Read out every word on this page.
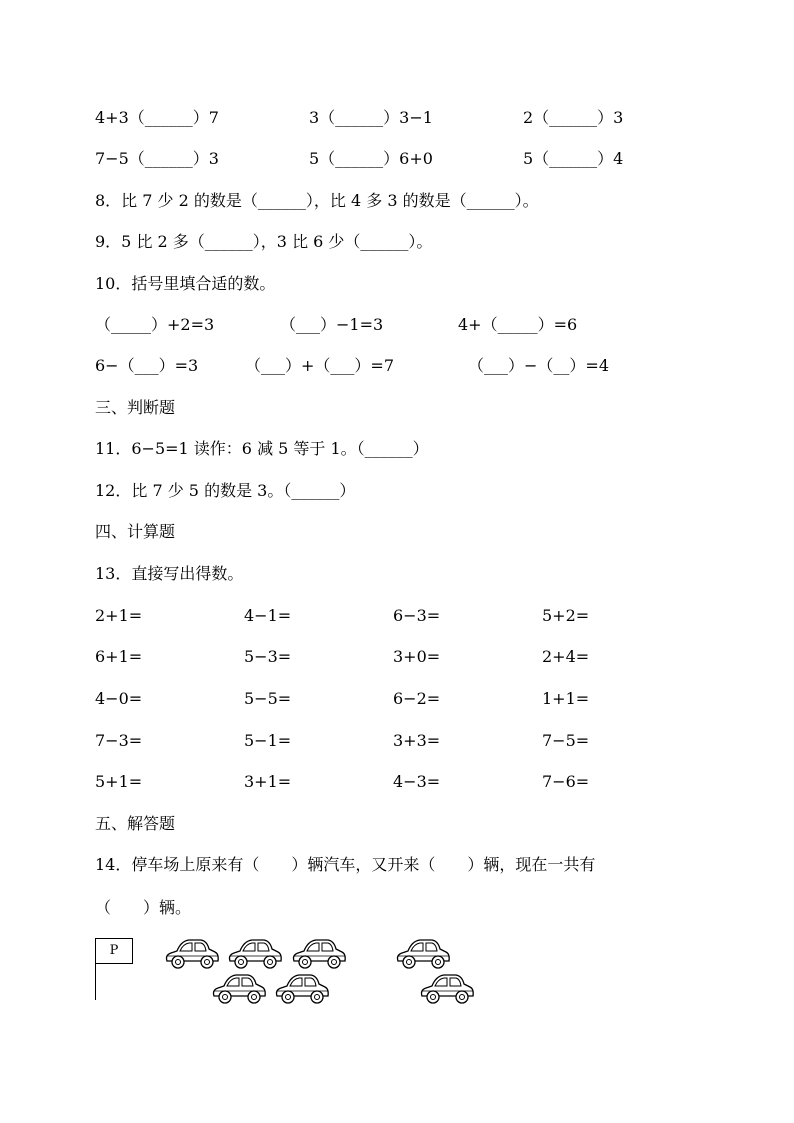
4+3（______）7	3（______）3−1	2（______）3
7−5（______）3	5（______）6+0	5（______）4
8．比 7 少 2 的数是（______），比 4 多 3 的数是（______）。
9．5 比 2 多（______），3 比 6 少（______）。
10．括号里填合适的数。
（_____）+2=3	（___）−1=3	4+（_____）=6
6−（___）=3	（___）+（___）=7	（___）−（__）=4
三、判断题
11．6−5=1 读作：6 减 5 等于 1。（______）
12．比 7 少 5 的数是 3。（______）
四、计算题
13．直接写出得数。
2+1=	4−1=	6−3=	5+2=
6+1=	5−3=	3+0=	2+4=
4−0=	5−5=	6−2=	1+1=
7−3=	5−1=	3+3=	7−5=
5+1=	3+1=	4−3=	7−6=
五、解答题
14．停车场上原来有（　　）辆汽车，又开来（　　）辆，现在一共有
（　　）辆。
P
